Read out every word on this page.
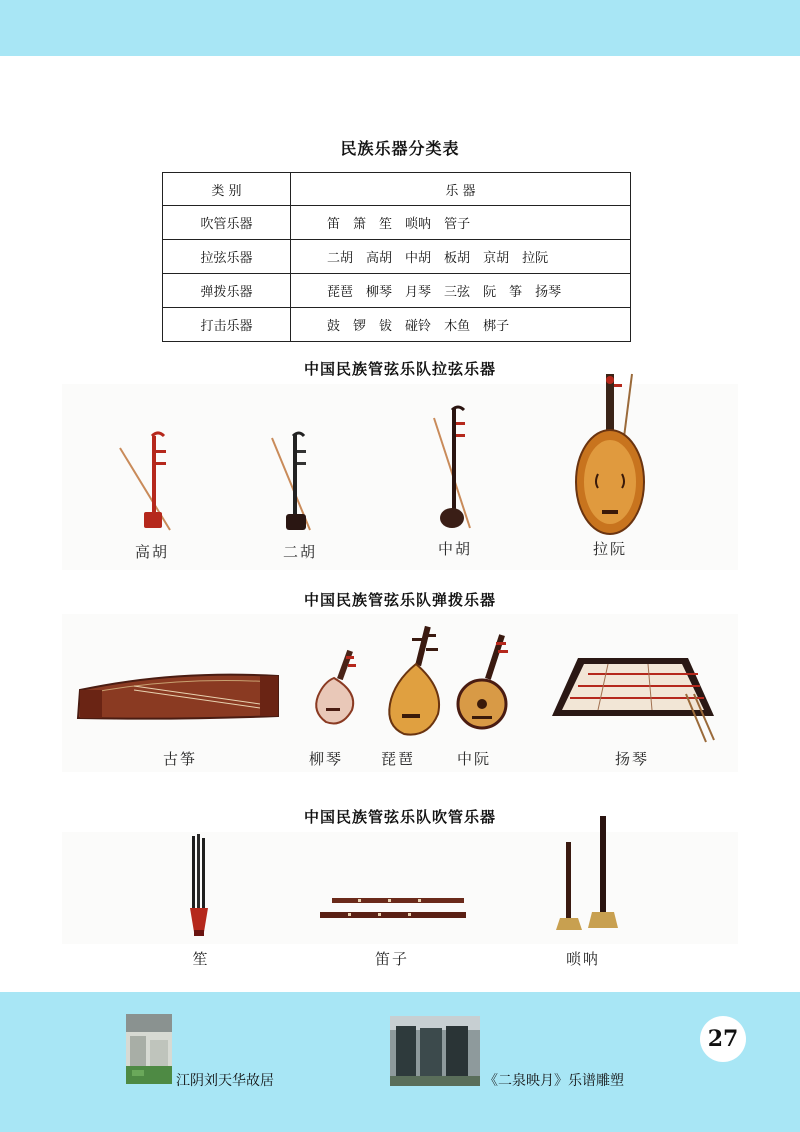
民族乐器分类表
类 别	乐 器
吹管乐器	笛 箫 笙 唢呐 管子
拉弦乐器	二胡 高胡 中胡 板胡 京胡 拉阮
弹拨乐器	琵琶 柳琴 月琴 三弦 阮 筝 扬琴
打击乐器	鼓 锣 钹 碰铃 木鱼 梆子
中国民族管弦乐队拉弦乐器
高胡	二胡	中胡	拉阮
中国民族管弦乐队弹拨乐器
古筝	柳琴	琵琶	中阮	扬琴
中国民族管弦乐队吹管乐器
笙	笛子	唢呐
江阴刘天华故居	《二泉映月》乐谱雕塑
27
